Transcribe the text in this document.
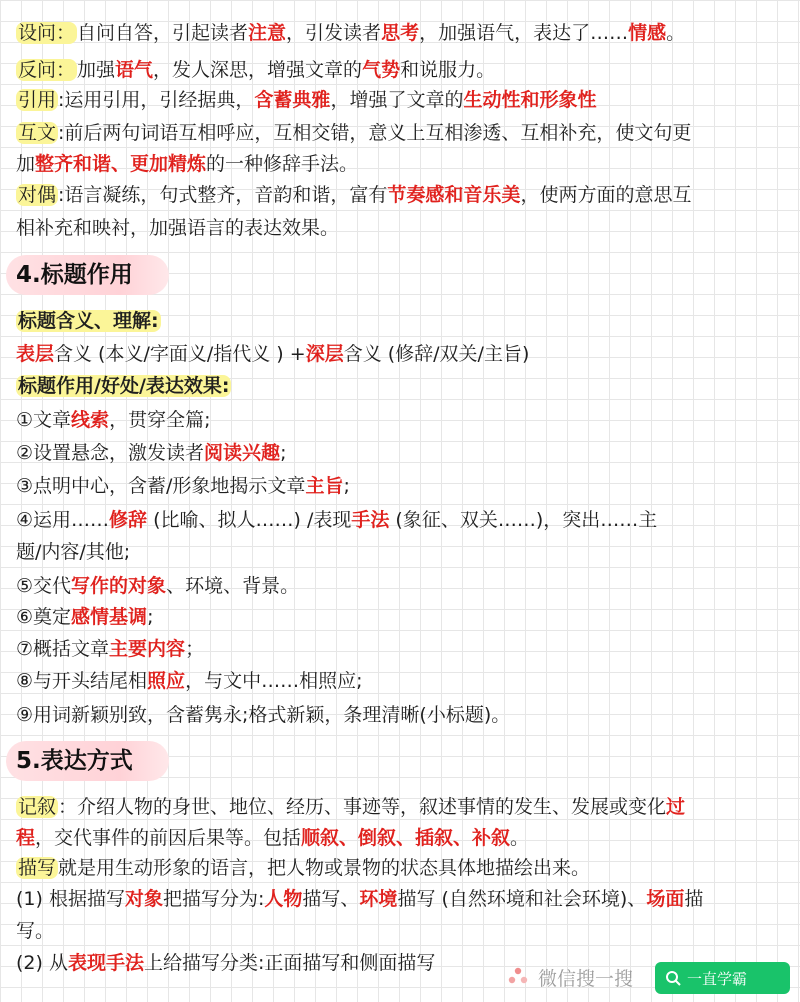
设问： 自问自答，引起读者注意，引发读者思考，加强语气，表达了……情感。
反问： 加强语气，发人深思，增强文章的气势和说服力。
引用 :运用引用，引经据典，含蓄典雅，增强了文章的生动性和形象性
互文 :前后两句词语互相呼应，互相交错，意义上互相渗透、互相补充，使文句更
加整齐和谐、更加精炼的一种修辞手法。
对偶 :语言凝练，句式整齐，音韵和谐，富有节奏感和音乐美，使两方面的意思互
相补充和映衬，加强语言的表达效果。
4.标题作用
标题含义、理解:
表层含义 (本义/字面义/指代义 ) +深层含义 (修辞/双关/主旨)
标题作用/好处/表达效果:
①文章线索，贯穿全篇;
②设置悬念，激发读者阅读兴趣;
③点明中心，含蓄/形象地揭示文章主旨;
④运用……修辞 (比喻、拟人……) /表现手法 (象征、双关……)，突出……主
题/内容/其他;
⑤交代写作的对象、环境、背景。
⑥奠定感情基调;
⑦概括文章主要内容；
⑧与开头结尾相照应，与文中……相照应;
⑨用词新颖别致，含蓄隽永;格式新颖，条理清晰(小标题)。
5.表达方式
记叙 ：介绍人物的身世、地位、经历、事迹等，叙述事情的发生、发展或变化过
程，交代事件的前因后果等。包括顺叙、倒叙、插叙、补叙。
描写 就是用生动形象的语言，把人物或景物的状态具体地描绘出来。
(1) 根据描写对象把描写分为:人物描写、环境描写 (自然环境和社会环境)、场面描
写。
(2) 从表现手法上给描写分类:正面描写和侧面描写
微信搜一搜	一直学霸
